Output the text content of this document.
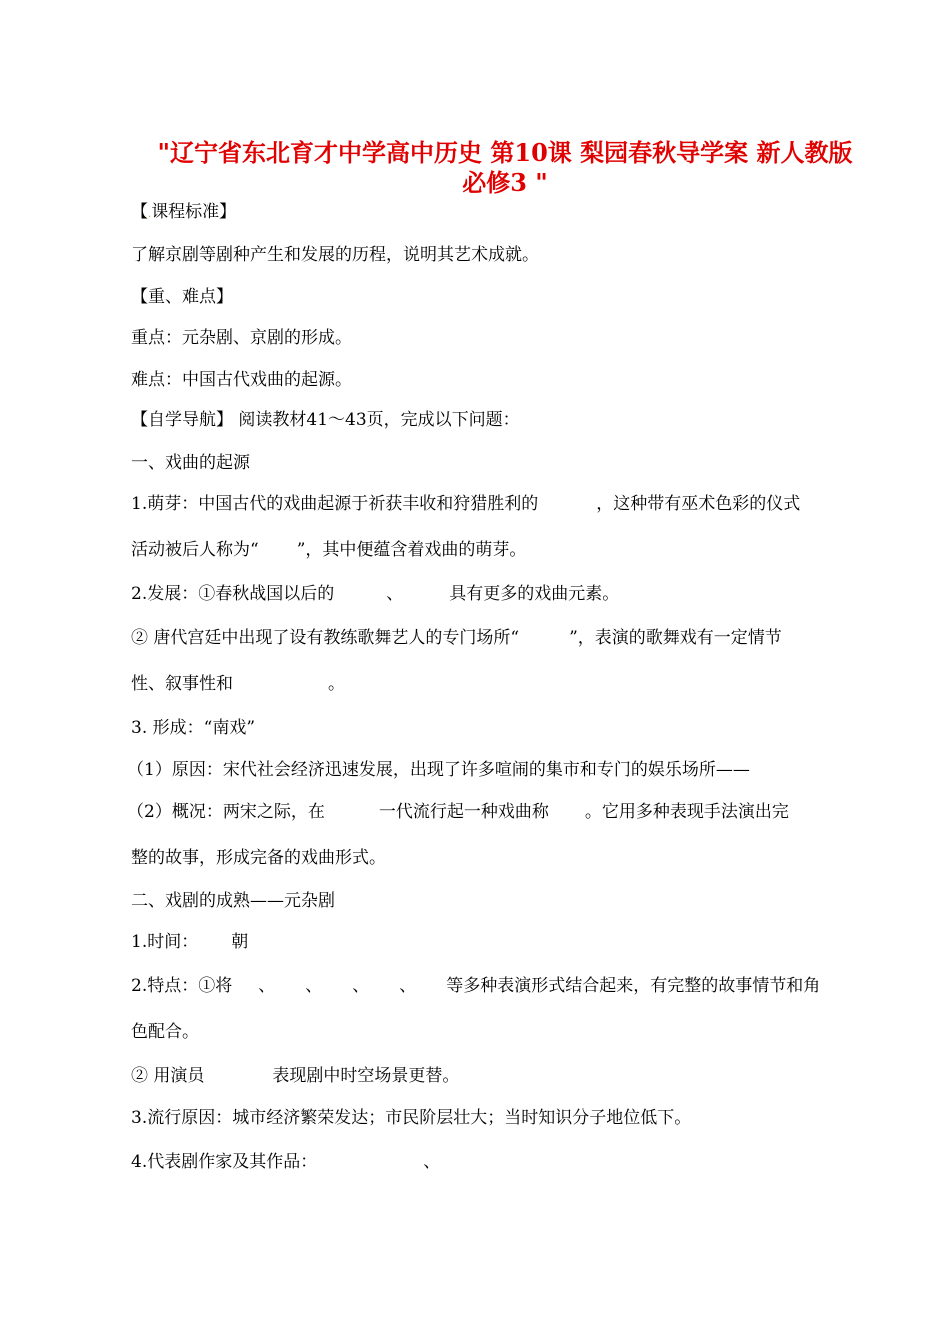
"辽宁省东北育才中学高中历史 第10课 梨园春秋导学案 新人教版
必修3 "
【.课程标准】
了解京剧等剧种产生和发展的历程，说明其艺术成就。
【重、难点】
重点：元杂剧、京剧的形成。
难点：中国古代戏曲的起源。
【自学导航】 阅读教材41～43页，完成以下问题：
一、戏曲的起源
1.萌芽：中国古代的戏曲起源于祈获丰收和狩猎胜利的	，这种带有巫术色彩的仪式
活动被后人称为“ ”，其中便蕴含着戏曲的萌芽。
2.发展：①春秋战国以后的	、	具有更多的戏曲元素。
② 唐代宫廷中出现了设有教练歌舞艺人的专门场所“	”，表演的歌舞戏有一定情节
性、叙事性和	。
3. 形成：“南戏”
（1）原因：宋代社会经济迅速发展，出现了许多喧闹的集市和专门的娱乐场所——
（2）概况：两宋之际，在	一代流行起一种戏曲称 。它用多种表现手法演出完
整的故事，形成完备的戏曲形式。
二、戏剧的成熟——元杂剧
1.时间： 朝
2.特点：①将 、 、 、 、 等多种表演形式结合起来，有完整的故事情节和角
色配合。
② 用演员	表现剧中时空场景更替。
3.流行原因：城市经济繁荣发达；市民阶层壮大；当时知识分子地位低下。
4.代表剧作家及其作品：	、
